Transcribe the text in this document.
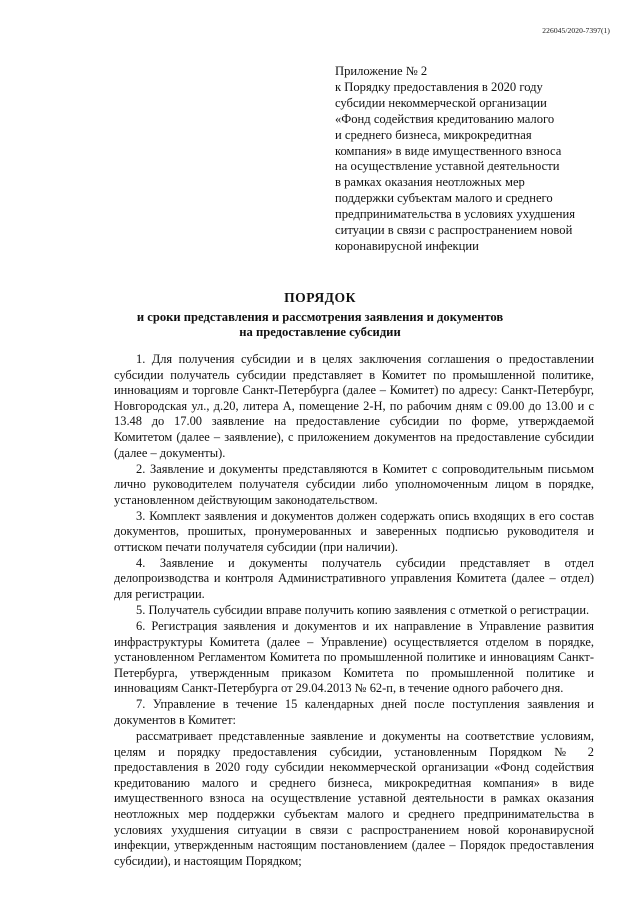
226045/2020-7397(1)
Приложение № 2
к Порядку предоставления в 2020 году
субсидии некоммерческой организации
«Фонд содействия кредитованию малого
и среднего бизнеса, микрокредитная
компания» в виде имущественного взноса
на осуществление уставной деятельности
в рамках оказания неотложных мер
поддержки субъектам малого и среднего
предпринимательства в условиях ухудшения
ситуации в связи с распространением новой
коронавирусной инфекции
ПОРЯДОК
и сроки представления и рассмотрения заявления и документов
на предоставление субсидии

1. Для получения субсидии и в целях заключения соглашения о предоставлении субсидии получатель субсидии представляет в Комитет по промышленной политике, инновациям и торговле Санкт-Петербурга (далее – Комитет) по адресу: Санкт-Петербург, Новгородская ул., д.20, литера А, помещение 2-Н, по рабочим дням с 09.00 до 13.00 и с 13.48 до 17.00 заявление на предоставление субсидии по форме, утверждаемой Комитетом (далее – заявление), с приложением документов на предоставление субсидии (далее – документы).

2. Заявление и документы представляются в Комитет с сопроводительным письмом лично руководителем получателя субсидии либо уполномоченным лицом в порядке, установленном действующим законодательством.

3. Комплект заявления и документов должен содержать опись входящих в его состав документов, прошитых, пронумерованных и заверенных подписью руководителя и оттиском печати получателя субсидии (при наличии).

4. Заявление и документы получатель субсидии представляет в отдел делопроизводства и контроля Административного управления Комитета (далее – отдел) для регистрации.

5. Получатель субсидии вправе получить копию заявления с отметкой о регистрации.

6. Регистрация заявления и документов и их направление в Управление развития инфраструктуры Комитета (далее – Управление) осуществляется отделом в порядке, установленном Регламентом Комитета по промышленной политике и инновациям Санкт-Петербурга, утвержденным приказом Комитета по промышленной политике и инновациям Санкт-Петербурга от 29.04.2013 № 62-п, в течение одного рабочего дня.

7. Управление в течение 15 календарных дней после поступления заявления и документов в Комитет:

рассматривает представленные заявление и документы на соответствие условиям, целям и порядку предоставления субсидии, установленным Порядком № 2 предоставления в 2020 году субсидии некоммерческой организации «Фонд содействия кредитованию малого и среднего бизнеса, микрокредитная компания» в виде имущественного взноса на осуществление уставной деятельности в рамках оказания неотложных мер поддержки субъектам малого и среднего предпринимательства в условиях ухудшения ситуации в связи с распространением новой коронавирусной инфекции, утвержденным настоящим постановлением (далее – Порядок предоставления субсидии), и настоящим Порядком;
